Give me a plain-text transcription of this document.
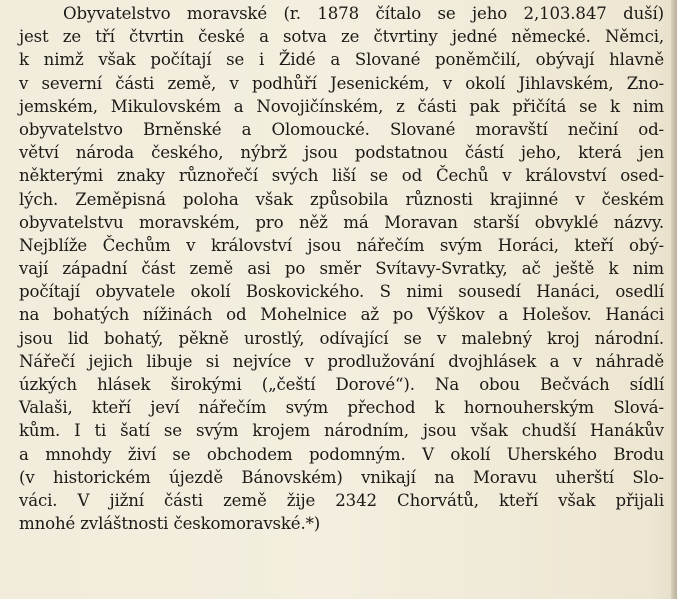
Obyvatelstvo moravské (r. 1878 čítalo se jeho 2,103.847 duší)
jest ze tří čtvrtin české a sotva ze čtvrtiny jedné německé. Němci,
k nimž však počítají se i Židé a Slované poněmčilí, obývají hlavně
v severní části země, v podhůří Jesenickém, v okolí Jihlavském, Zno-
jemském, Mikulovském a Novojičínském, z části pak přičítá se k nim
obyvatelstvo Brněnské a Olomoucké. Slované moravští nečiní od-
větví národa českého, nýbrž jsou podstatnou částí jeho, která jen
některými znaky různořečí svých liší se od Čechů v království osed-
lých. Zeměpisná poloha však způsobila různosti krajinné v českém
obyvatelstvu moravském, pro něž má Moravan starší obvyklé názvy.
Nejblíže Čechům v království jsou nářečím svým Horáci, kteří obý-
vají západní část země asi po směr Svítavy-Svratky, ač ještě k nim
počítají obyvatele okolí Boskovického. S nimi sousedí Hanáci, osedlí
na bohatých nížinách od Mohelnice až po Výškov a Holešov. Hanáci
jsou lid bohatý, pěkně urostlý, odívající se v malebný kroj národní.
Nářečí jejich libuje si nejvíce v prodlužování dvojhlásek a v náhradě
úzkých hlásek širokými („čeští Dorové“). Na obou Bečvách sídlí
Valaši, kteří jeví nářečím svým přechod k hornouherským Slová-
kům. I ti šatí se svým krojem národním, jsou však chudší Hanákův
a mnohdy živí se obchodem podomným. V okolí Uherského Brodu
(v historickém újezdě Bánovském) vnikají na Moravu uherští Slo-
váci. V jižní části země žije 2342 Chorvátů, kteří však přijali
mnohé zvláštnosti českomoravské.*)
